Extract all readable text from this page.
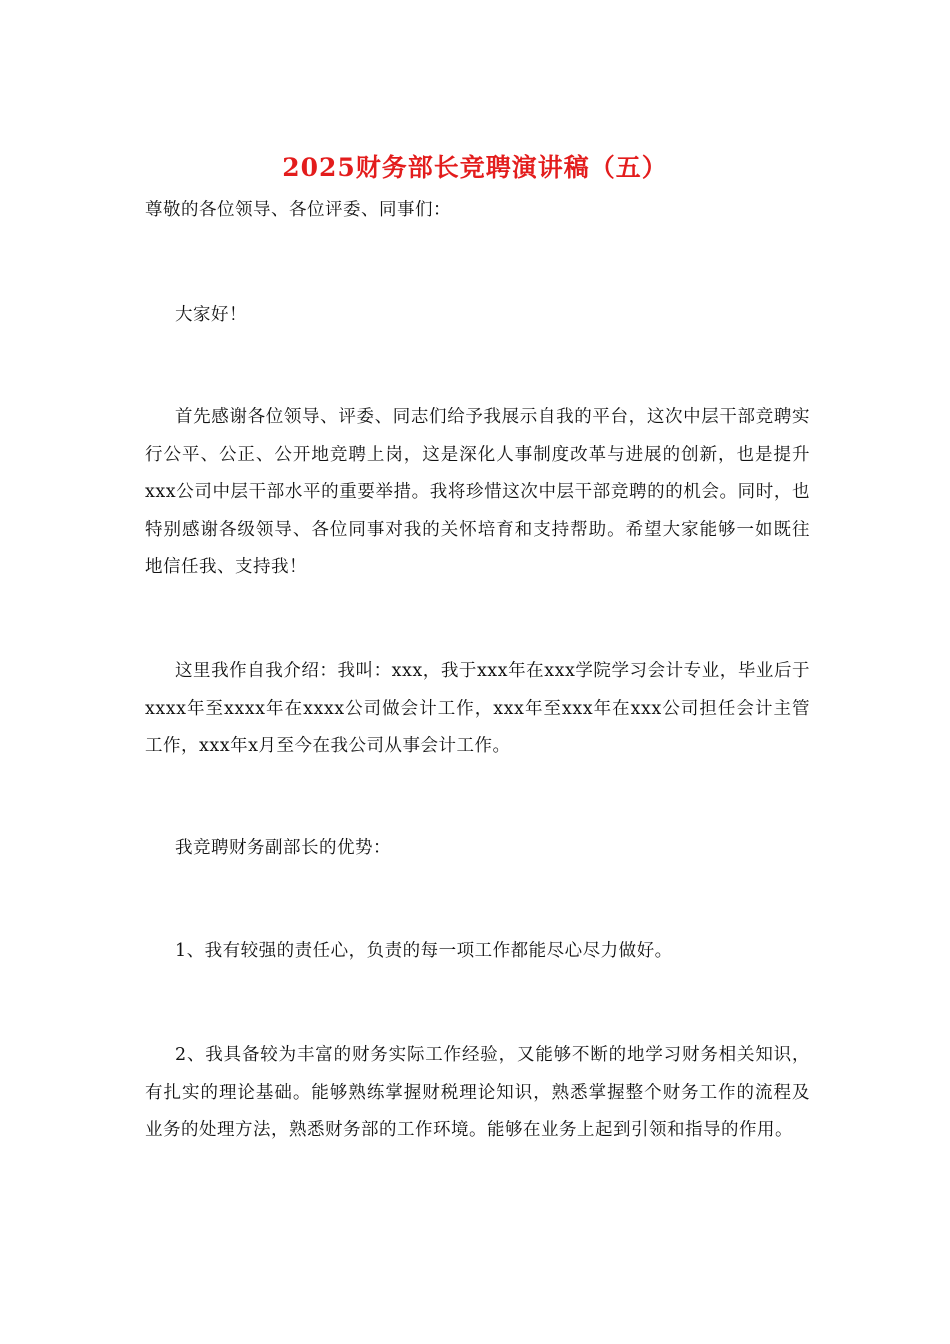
2025财务部长竞聘演讲稿（五）
尊敬的各位领导、各位评委、同事们：
大家好！
首先感谢各位领导、评委、同志们给予我展示自我的平台，这次中层干部竞聘实行公平、公正、公开地竞聘上岗，这是深化人事制度改革与进展的创新，也是提升xxx公司中层干部水平的重要举措。我将珍惜这次中层干部竞聘的的机会。同时，也特别感谢各级领导、各位同事对我的关怀培育和支持帮助。希望大家能够一如既往地信任我、支持我！
这里我作自我介绍：我叫：xxx，我于xxx年在xxx学院学习会计专业，毕业后于xxxx年至xxxx年在xxxx公司做会计工作，xxx年至xxx年在xxx公司担任会计主管工作，xxx年x月至今在我公司从事会计工作。
我竞聘财务副部长的优势：
1、我有较强的责任心，负责的每一项工作都能尽心尽力做好。
2、我具备较为丰富的财务实际工作经验，又能够不断的地学习财务相关知识，有扎实的理论基础。能够熟练掌握财税理论知识，熟悉掌握整个财务工作的流程及业务的处理方法，熟悉财务部的工作环境。能够在业务上起到引领和指导的作用。
